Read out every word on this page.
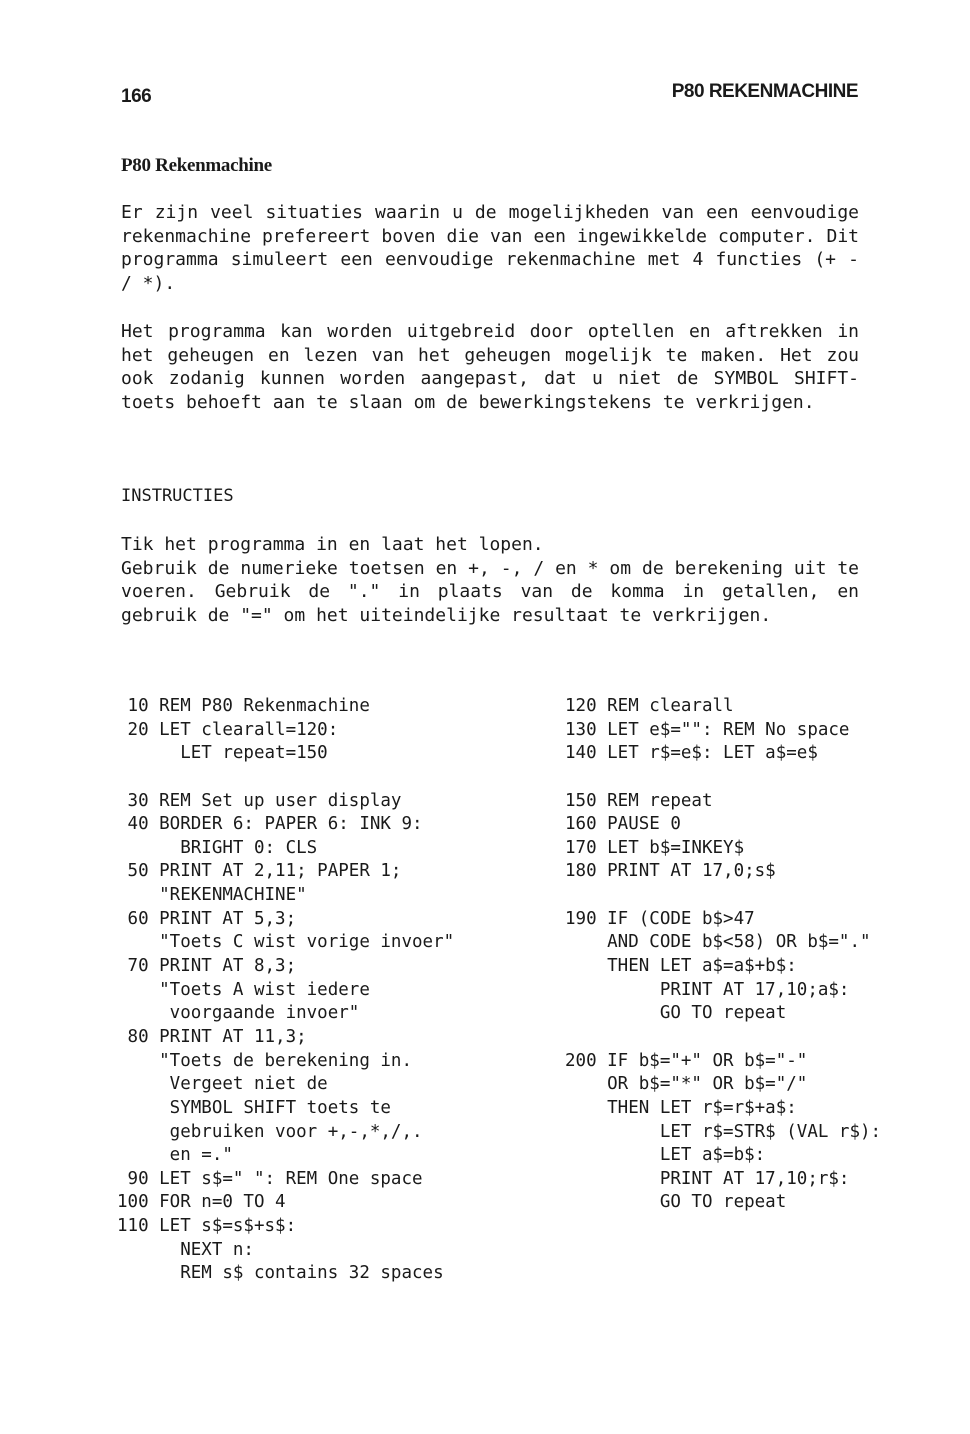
166	P80 REKENMACHINE
P80 Rekenmachine

Er zijn veel situaties waarin u de mogelijkheden van een eenvoudige rekenmachine prefereert boven die van een ingewikkelde computer. Dit programma simuleert een eenvoudige rekenmachine met 4 functies (+ - / *).

Het programma kan worden uitgebreid door optellen en aftrekken in het geheugen en lezen van het geheugen mogelijk te maken. Het zou ook zodanig kunnen worden aangepast, dat u niet de SYMBOL SHIFT-toets behoeft aan te slaan om de bewerkingstekens te verkrijgen.

INSTRUCTIES

Tik het programma in en laat het lopen.
Gebruik de numerieke toetsen en +, -, / en * om de berekening uit te voeren. Gebruik de "." in plaats van de komma in getallen, en gebruik de "=" om het uiteindelijke resultaat te verkrijgen.

10 REM P80 Rekenmachine
20 LET clearall=120:
LET repeat=150
30 REM Set up user display
40 BORDER 6: PAPER 6: INK 9:
BRIGHT 0: CLS
50 PRINT AT 2,11; PAPER 1;
"REKENMACHINE"
60 PRINT AT 5,3;
"Toets C wist vorige invoer"
70 PRINT AT 8,3;
"Toets A wist iedere
voorgaande invoer"
80 PRINT AT 11,3;
"Toets de berekening in.
Vergeet niet de
SYMBOL SHIFT toets te
gebruiken voor +,-,*,/,.
en =."
90 LET s$=" ": REM One space
100 FOR n=0 TO 4
110 LET s$=s$+s$:
NEXT n:
REM s$ contains 32 spaces
120 REM clearall
130 LET e$="": REM No space
140 LET r$=e$: LET a$=e$
150 REM repeat
160 PAUSE 0
170 LET b$=INKEY$
180 PRINT AT 17,0;s$
190 IF (CODE b$>47
AND CODE b$<58) OR b$="."
THEN LET a$=a$+b$:
PRINT AT 17,10;a$:
GO TO repeat
200 IF b$="+" OR b$="-"
OR b$="*" OR b$="/"
THEN LET r$=r$+a$:
LET r$=STR$ (VAL r$):
LET a$=b$:
PRINT AT 17,10;r$:
GO TO repeat
